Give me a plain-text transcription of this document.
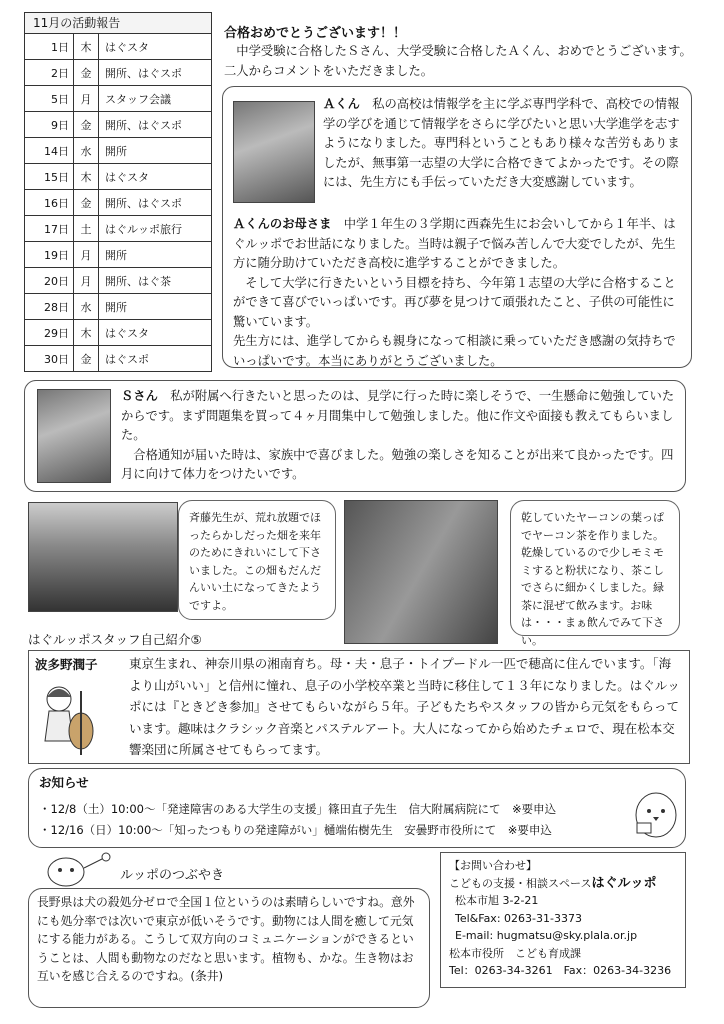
11月の活動報告
1日	木	はぐスタ
2日	金	開所、はぐスポ
5日	月	スタッフ会議
9日	金	開所、はぐスポ
14日	水	開所
15日	木	はぐスタ
16日	金	開所、はぐスポ
17日	土	はぐルッポ旅行
19日	月	開所
20日	月	開所、はぐ茶
28日	水	開所
29日	木	はぐスタ
30日	金	はぐスポ
合格おめでとうございます！！
　中学受験に合格したＳさん、大学受験に合格したＡくん、おめでとうございます。二人からコメントをいただきました。
Ａくん　 私の高校は情報学を主に学ぶ専門学科で、高校での情報学の学びを通じて情報学をさらに学びたいと思い大学進学を志すようになりました。専門科ということもあり様々な苦労もありましたが、無事第一志望の大学に合格できてよかったです。その際には、先生方にも手伝っていただき大変感謝しています。
Ａくんのお母さま　 中学１年生の３学期に西森先生にお会いしてから１年半、はぐルッポでお世話になりました。当時は親子で悩み苦しんで大変でしたが、先生方に随分助けていただき高校に進学することができました。
　そして大学に行きたいという目標を持ち、今年第１志望の大学に合格することができて喜びでいっぱいです。再び夢を見つけて頑張れたこと、子供の可能性に驚いています。
先生方には、進学してからも親身になって相談に乗っていただき感謝の気持ちでいっぱいです。本当にありがとうございました。
Ｓさん　 私が附属へ行きたいと思ったのは、見学に行った時に楽しそうで、一生懸命に勉強していたからです。まず問題集を買って４ヶ月間集中して勉強しました。他に作文や面接も教えてもらいました。
　合格通知が届いた時は、家族中で喜びました。勉強の楽しさを知ることが出来て良かったです。四月に向けて体力をつけたいです。
斉藤先生が、荒れ放題でほったらかしだった畑を来年のためにきれいにして下さいました。この畑もだんだんいい土になってきたようですよ。
乾していたヤーコンの葉っぱでヤーコン茶を作りました。乾燥しているので少しモミモミすると粉状になり、茶こしでさらに細かくしました。緑茶に混ぜて飲みます。お味は・・・まぁ飲んでみて下さい。
はぐルッポスタッフ自己紹介⑤
波多野潤子	東京生まれ、神奈川県の湘南育ち。母・夫・息子・トイプードル一匹で穂高に住んでいます。「海より山がいい」と信州に憧れ、息子の小学校卒業と当時に移住して１３年になりました。はぐルッポには『ときどき参加』させてもらいながら５年。子どもたちやスタッフの皆から元気をもらっています。趣味はクラシック音楽とパステルアート。大人になってから始めたチェロで、現在松本交響楽団に所属させてもらってます。
お知らせ
・12/8（土）10:00～「発達障害のある大学生の支援」篠田直子先生　信大附属病院にて　※要申込
・12/16（日）10:00～「知ったつもりの発達障がい」樋端佑樹先生　安曇野市役所にて　※要申込
ルッポのつぶやき
長野県は犬の殺処分ゼロで全国１位というのは素晴らしいですね。意外にも処分率では次いで東京が低いそうです。動物には人間を癒して元気にする能力がある。こうして双方向のコミュニケーションができるということは、人間も動物なのだなと思います。植物も、かな。生き物はお互いを感じ合えるのですね。(条井)
【お問い合わせ】
こどもの支援・相談スペースはぐルッポ
松本市旭 3-2-21
Tel&Fax: 0263-31-3373
E-mail: hugmatsu@sky.plala.or.jp
松本市役所　こども育成課
Tel：0263-34-3261　Fax：0263-34-3236
